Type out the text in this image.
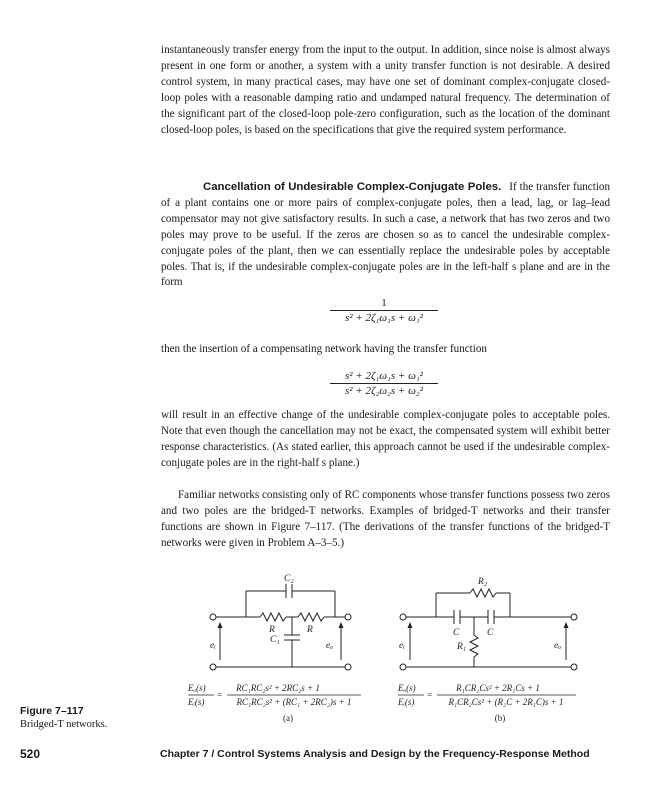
instantaneously transfer energy from the input to the output. In addition, since noise is almost always present in one form or another, a system with a unity transfer function is not desirable. A desired control system, in many practical cases, may have one set of dominant complex-conjugate closed-loop poles with a reasonable damping ratio and undamped natural frequency. The determination of the significant part of the closed-loop pole-zero configuration, such as the location of the dominant closed-loop poles, is based on the specifications that give the required system performance.

Cancellation of Undesirable Complex-Conjugate Poles. If the transfer function of a plant contains one or more pairs of complex-conjugate poles, then a lead, lag, or lag–lead compensator may not give satisfactory results. In such a case, a network that has two zeros and two poles may prove to be useful. If the zeros are chosen so as to cancel the undesirable complex-conjugate poles of the plant, then we can essentially replace the undesirable poles by acceptable poles. That is, if the undesirable complex-conjugate poles are in the left-half s plane and are in the form

$\frac{1}{\text{s² + 2ζ₁ω₁s + ω₁²}}$

then the insertion of a compensating network having the transfer function

$\frac{\text{s² + 2ζ₁ω₁s + ω₁²}}{\text{s² + 2ζ₂ω₂s + ω₂²}}$

will result in an effective change of the undesirable complex-conjugate poles to acceptable poles. Note that even though the cancellation may not be exact, the compensated system will exhibit better response characteristics. (As stated earlier, this approach cannot be used if the undesirable complex-conjugate poles are in the right-half s plane.)

Familiar networks consisting only of RC components whose transfer functions possess two zeros and two poles are the bridged-T networks. Examples of bridged-T networks and their transfer functions are shown in Figure 7–117. (The derivations of the transfer functions of the bridged-T networks were given in Problem A–3–5.)

C₂
R	R
C₁
eᵢ	eₒ
R₂
C	C
R₁
eᵢ	eₒ
Eₒ(s)
Eᵢ(s)
=
RC₁RC₂s² + 2RC₂s + 1
RC₁RC₂s² + (RC₁ + 2RC₂)s + 1
(a)
Eₒ(s)
Eᵢ(s)
=
R₁CR₂Cs² + 2R₁Cs + 1
R₁CR₂Cs² + (R₂C + 2R₁C)s + 1
(b)
Figure 7–117
Bridged-T networks.
520	Chapter 7 / Control Systems Analysis and Design by the Frequency-Response Method
